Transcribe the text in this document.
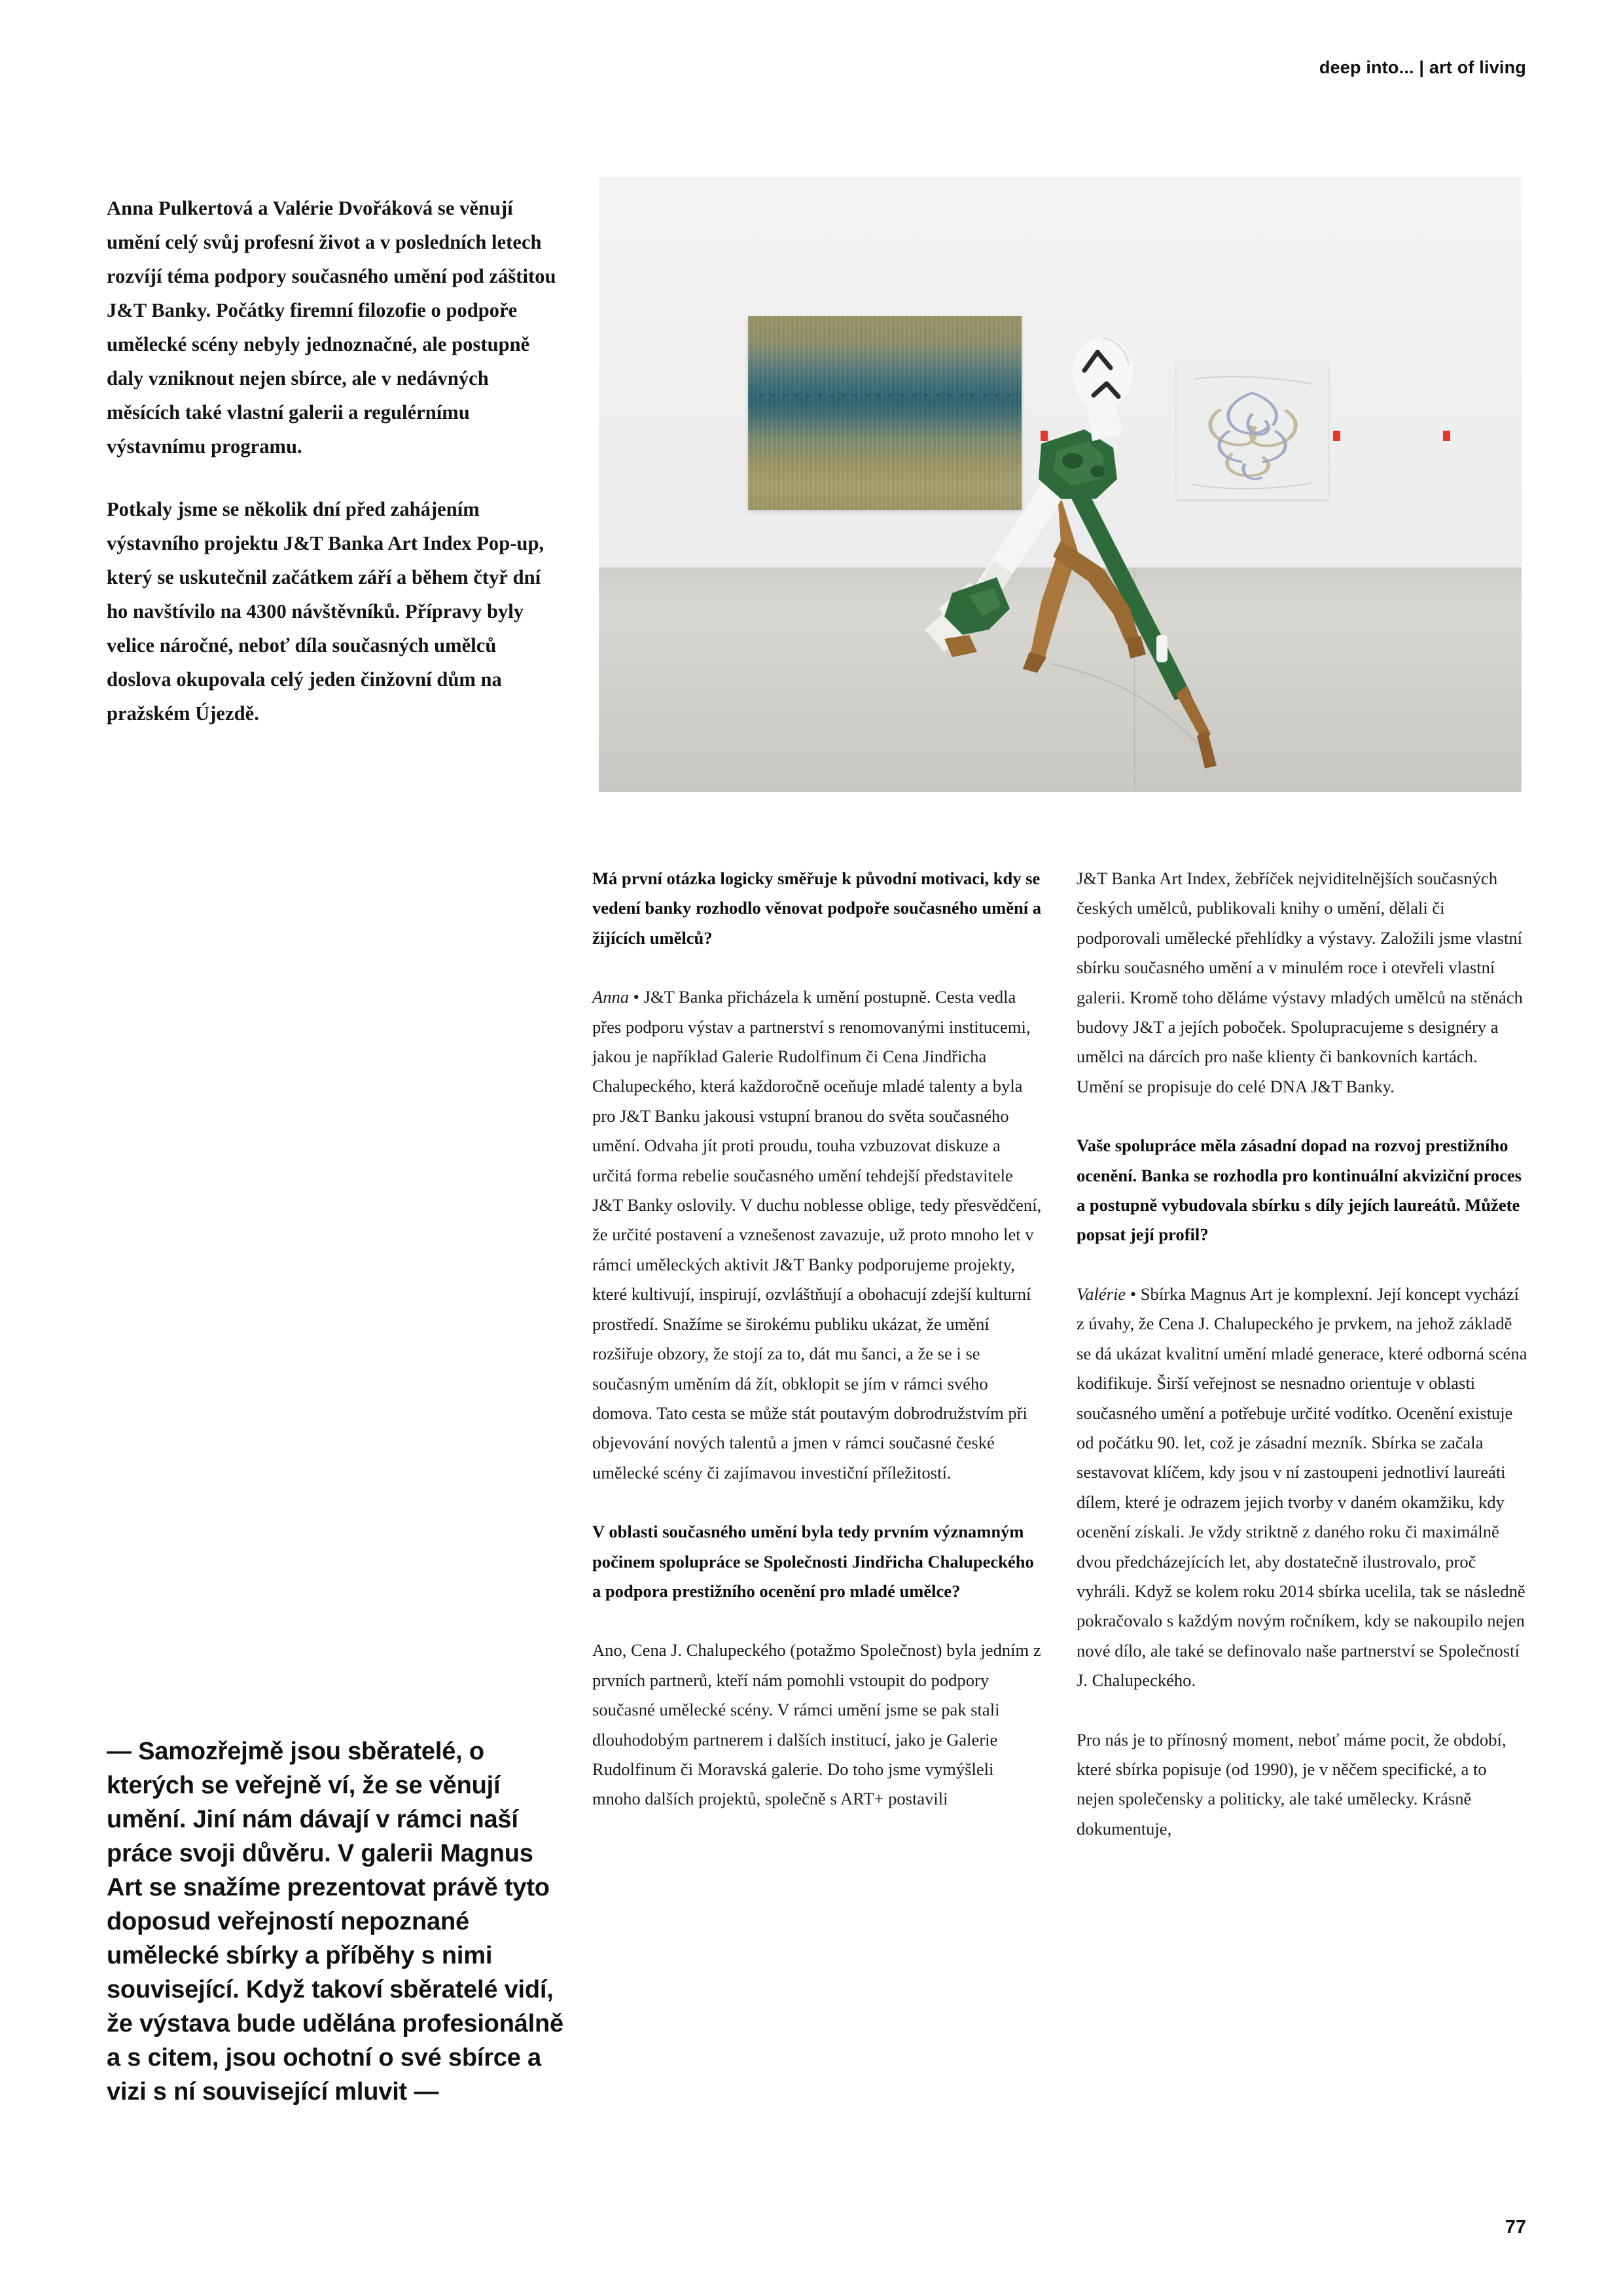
deep into... | art of living

Anna Pulkertová a Valérie Dvořáková se věnují umění celý svůj profesní život a v posledních letech rozvíjí téma podpory současného umění pod záštitou J&T Banky. Počátky firemní filozofie o podpoře umělecké scény nebyly jednoznačné, ale postupně daly vzniknout nejen sbírce, ale v nedávných měsících také vlastní galerii a regulérnímu výstavnímu programu.

Potkaly jsme se několik dní před zahájením výstavního projektu J&T Banka Art Index Pop-up, který se uskutečnil začátkem září a během čtyř dní ho navštívilo na 4300 návštěvníků. Přípravy byly velice náročné, neboť díla současných umělců doslova okupovala celý jeden činžovní dům na pražském Újezdě.

— Samozřejmě jsou sběratelé, o kterých se veřejně ví, že se věnují umění. Jiní nám dávají v rámci naší práce svoji důvěru. V galerii Magnus Art se snažíme prezentovat právě tyto doposud veřejností nepoznané umělecké sbírky a příběhy s nimi související. Když takoví sběratelé vidí, že výstava bude udělána profesionálně a s citem, jsou ochotní o své sbírce a vizi s ní související mluvit —

Má první otázka logicky směřuje k původní motivaci, kdy se vedení banky rozhodlo věnovat podpoře současného umění a žijících umělců?

Anna • J&T Banka přicházela k umění postupně. Cesta vedla přes podporu výstav a partnerství s renomovanými institucemi, jakou je například Galerie Rudolfinum či Cena Jindřicha Chalupeckého, která každoročně oceňuje mladé talenty a byla pro J&T Banku jakousi vstupní branou do světa současného umění. Odvaha jít proti proudu, touha vzbuzovat diskuze a určitá forma rebelie současného umění tehdejší představitele J&T Banky oslovily. V duchu noblesse oblige, tedy přesvědčení, že určité postavení a vznešenost zavazuje, už proto mnoho let v rámci uměleckých aktivit J&T Banky podporujeme projekty, které kultivují, inspirují, ozvláštňují a obohacují zdejší kulturní prostředí. Snažíme se širokému publiku ukázat, že umění rozšiřuje obzory, že stojí za to, dát mu šanci, a že se i se současným uměním dá žít, obklopit se jím v rámci svého domova. Tato cesta se může stát poutavým dobrodružstvím při objevování nových talentů a jmen v rámci současné české umělecké scény či zajímavou investiční příležitostí.

V oblasti současného umění byla tedy prvním významným počinem spolupráce se Společnosti Jindřicha Chalupeckého a podpora prestižního ocenění pro mladé umělce?

Ano, Cena J. Chalupeckého (potažmo Společnost) byla jedním z prvních partnerů, kteří nám pomohli vstoupit do podpory současné umělecké scény. V rámci umění jsme se pak stali dlouhodobým partnerem i dalších institucí, jako je Galerie Rudolfinum či Moravská galerie. Do toho jsme vymýšleli mnoho dalších projektů, společně s ART+ postavili

J&T Banka Art Index, žebříček nejviditelnějších současných českých umělců, publikovali knihy o umění, dělali či podporovali umělecké přehlídky a výstavy. Založili jsme vlastní sbírku současného umění a v minulém roce i otevřeli vlastní galerii. Kromě toho děláme výstavy mladých umělců na stěnách budovy J&T a jejích poboček. Spolupracujeme s designéry a umělci na dárcích pro naše klienty či bankovních kartách. Umění se propisuje do celé DNA J&T Banky.

Vaše spolupráce měla zásadní dopad na rozvoj prestižního ocenění. Banka se rozhodla pro kontinuální akviziční proces a postupně vybudovala sbírku s díly jejích laureátů. Můžete popsat její profil?

Valérie • Sbírka Magnus Art je komplexní. Její koncept vychází z úvahy, že Cena J. Chalupeckého je prvkem, na jehož základě se dá ukázat kvalitní umění mladé generace, které odborná scéna kodifikuje. Širší veřejnost se nesnadno orientuje v oblasti současného umění a potřebuje určité vodítko. Ocenění existuje od počátku 90. let, což je zásadní mezník. Sbírka se začala sestavovat klíčem, kdy jsou v ní zastoupeni jednotliví laureáti dílem, které je odrazem jejich tvorby v daném okamžiku, kdy ocenění získali. Je vždy striktně z daného roku či maximálně dvou předcházejících let, aby dostatečně ilustrovalo, proč vyhráli. Když se kolem roku 2014 sbírka ucelila, tak se následně pokračovalo s každým novým ročníkem, kdy se nakoupilo nejen nové dílo, ale také se definovalo naše partnerství se Společností J. Chalupeckého.

Pro nás je to přínosný moment, neboť máme pocit, že období, které sbírka popisuje (od 1990), je v něčem specifické, a to nejen společensky a politicky, ale také umělecky. Krásně dokumentuje,

77
